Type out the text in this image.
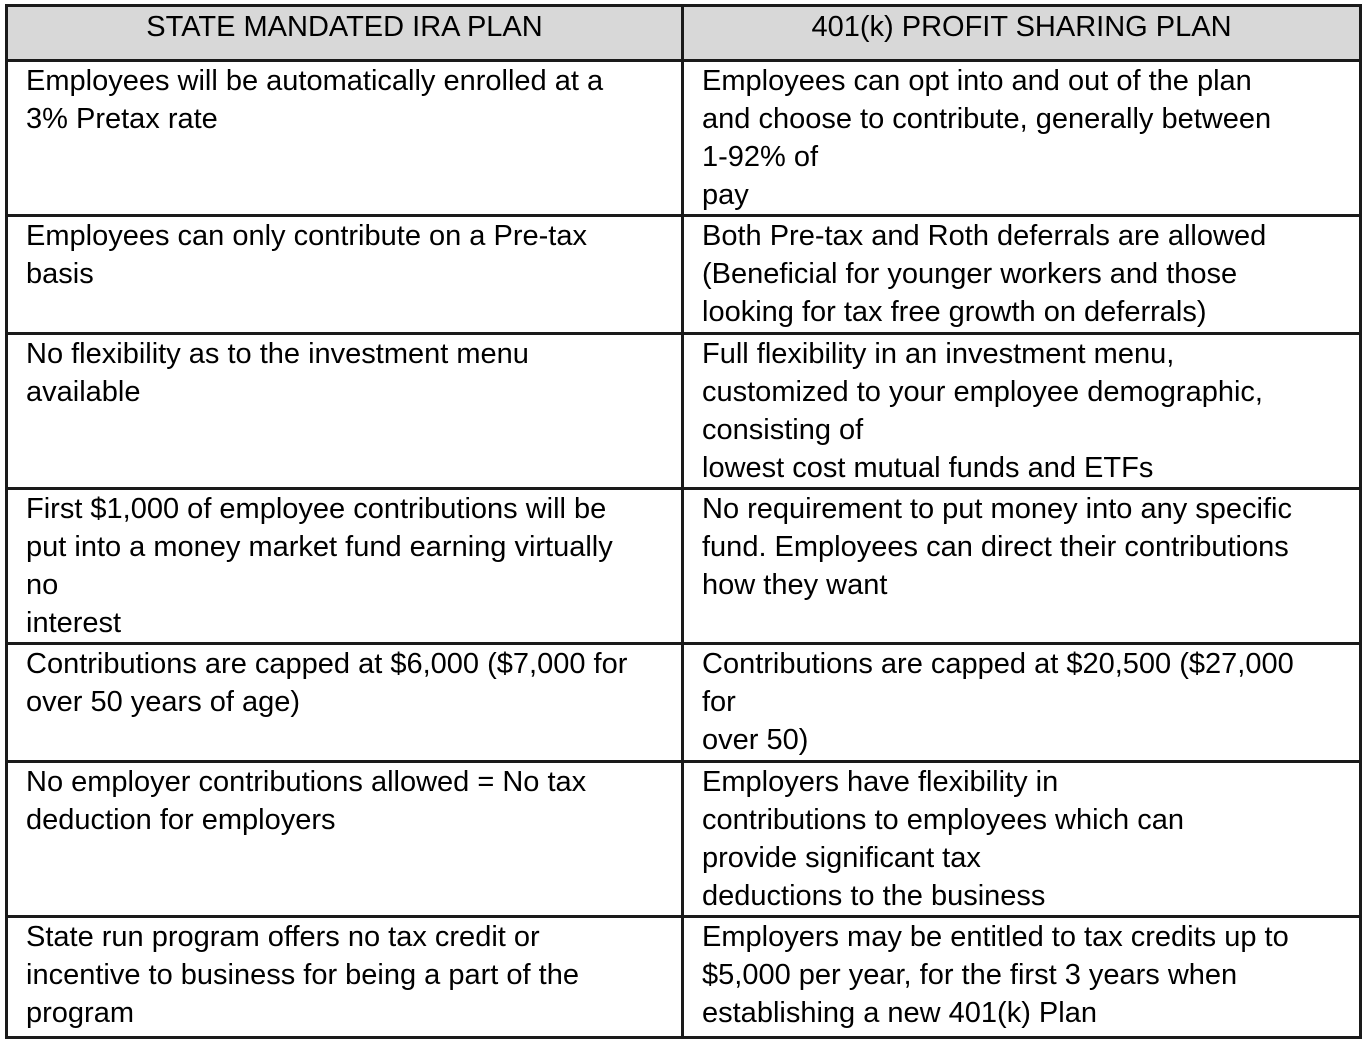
STATE MANDATED IRA PLAN	401(k) PROFIT SHARING PLAN

Employees will be automatically enrolled at a
3% Pretax rate	Employees can opt into and out of the plan
and choose to contribute, generally between
1-92% of
pay

Employees can only contribute on a Pre-tax
basis	Both Pre-tax and Roth deferrals are allowed
(Beneficial for younger workers and those
looking for tax free growth on deferrals)

No flexibility as to the investment menu
available	Full flexibility in an investment menu,
customized to your employee demographic,
consisting of
lowest cost mutual funds and ETFs

First $1,000 of employee contributions will be
put into a money market fund earning virtually
no
interest	No requirement to put money into any specific
fund. Employees can direct their contributions
how they want

Contributions are capped at $6,000 ($7,000 for
over 50 years of age)	Contributions are capped at $20,500 ($27,000
for
over 50)

No employer contributions allowed = No tax
deduction for employers	Employers have flexibility in
contributions to employees which can
provide significant tax
deductions to the business

State run program offers no tax credit or
incentive to business for being a part of the
program	Employers may be entitled to tax credits up to
$5,000 per year, for the first 3 years when
establishing a new 401(k) Plan
